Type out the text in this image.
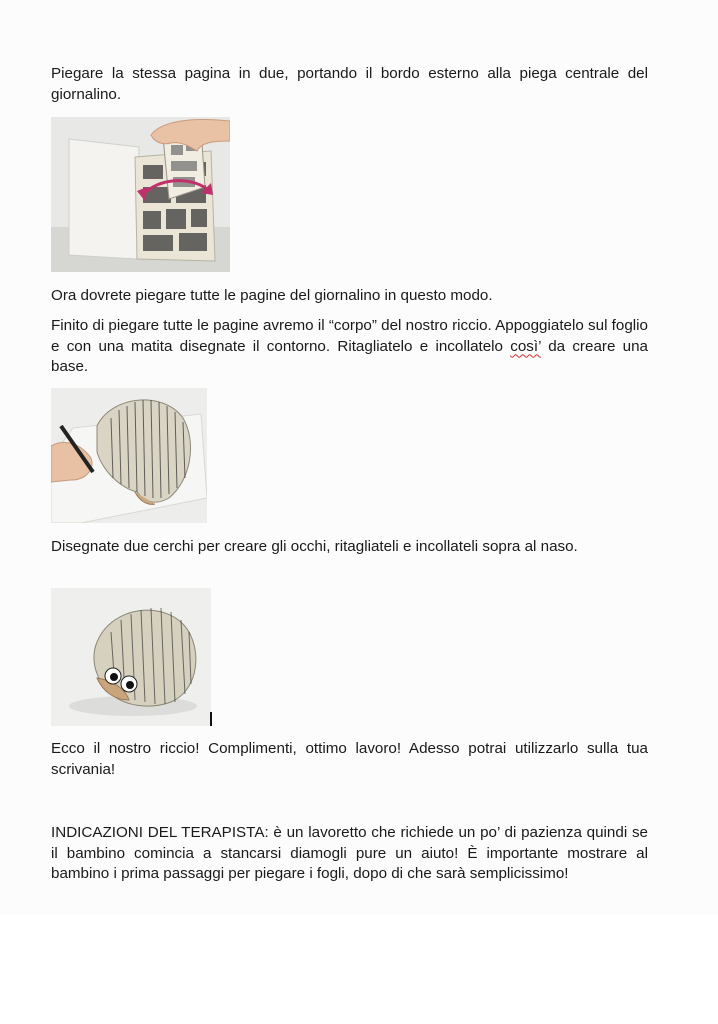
Piegare la stessa pagina in due, portando il bordo esterno alla piega centrale del giornalino.

Ora dovrete piegare tutte le pagine del giornalino in questo modo.

Finito di piegare tutte le pagine avremo il “corpo” del nostro riccio. Appoggiatelo sul foglio e con una matita disegnate il contorno. Ritagliatelo e incollatelo così’ da creare una base.

Disegnate due cerchi per creare gli occhi, ritagliateli e incollateli sopra al naso.

Ecco il nostro riccio! Complimenti, ottimo lavoro! Adesso potrai utilizzarlo sulla tua scrivania!

INDICAZIONI DEL TERAPISTA: è un lavoretto che richiede un po’ di pazienza quindi se il bambino comincia a stancarsi diamogli pure un aiuto! È importante mostrare al bambino i prima passaggi per piegare i fogli, dopo di che sarà semplicissimo!
